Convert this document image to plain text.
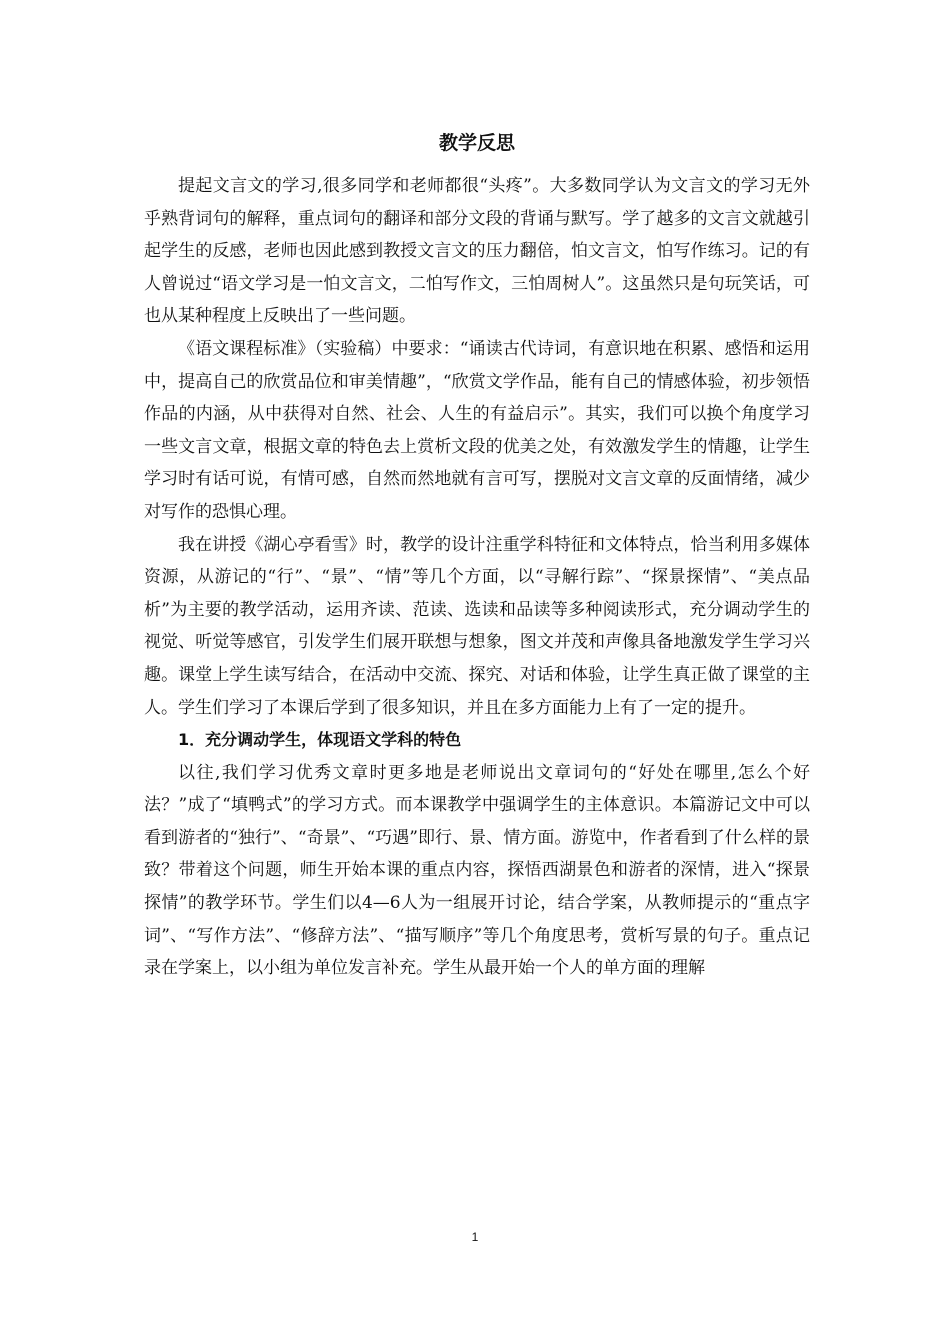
教学反思

提起文言文的学习,很多同学和老师都很“头疼”。大多数同学认为文言文的学习无外乎熟背词句的解释，重点词句的翻译和部分文段的背诵与默写。学了越多的文言文就越引起学生的反感，老师也因此感到教授文言文的压力翻倍，怕文言文，怕写作练习。记的有人曾说过“语文学习是一怕文言文，二怕写作文，三怕周树人”。这虽然只是句玩笑话，可也从某种程度上反映出了一些问题。

《语文课程标准》（实验稿）中要求：“诵读古代诗词，有意识地在积累、感悟和运用中，提高自己的欣赏品位和审美情趣”，“欣赏文学作品，能有自己的情感体验，初步领悟作品的内涵，从中获得对自然、社会、人生的有益启示”。其实，我们可以换个角度学习一些文言文章，根据文章的特色去上赏析文段的优美之处，有效激发学生的情趣，让学生学习时有话可说，有情可感，自然而然地就有言可写，摆脱对文言文章的反面情绪，减少对写作的恐惧心理。

我在讲授《湖心亭看雪》时，教学的设计注重学科特征和文体特点，恰当利用多媒体资源，从游记的“行”、“景”、“情”等几个方面，以“寻解行踪”、“探景探情”、“美点品析”为主要的教学活动，运用齐读、范读、选读和品读等多种阅读形式，充分调动学生的视觉、听觉等感官，引发学生们展开联想与想象，图文并茂和声像具备地激发学生学习兴趣。课堂上学生读写结合，在活动中交流、探究、对话和体验，让学生真正做了课堂的主人。学生们学习了本课后学到了很多知识，并且在多方面能力上有了一定的提升。

1．充分调动学生，体现语文学科的特色

以往,我们学习优秀文章时更多地是老师说出文章词句的“好处在哪里,怎么个好法？”成了“填鸭式”的学习方式。而本课教学中强调学生的主体意识。本篇游记文中可以看到游者的“独行”、“奇景”、“巧遇”即行、景、情方面。游览中，作者看到了什么样的景致？带着这个问题，师生开始本课的重点内容，探悟西湖景色和游者的深情，进入“探景探情”的教学环节。学生们以4—6人为一组展开讨论，结合学案，从教师提示的“重点字词”、“写作方法”、“修辞方法”、“描写顺序”等几个角度思考，赏析写景的句子。重点记录在学案上，以小组为单位发言补充。学生从最开始一个人的单方面的理解

1
